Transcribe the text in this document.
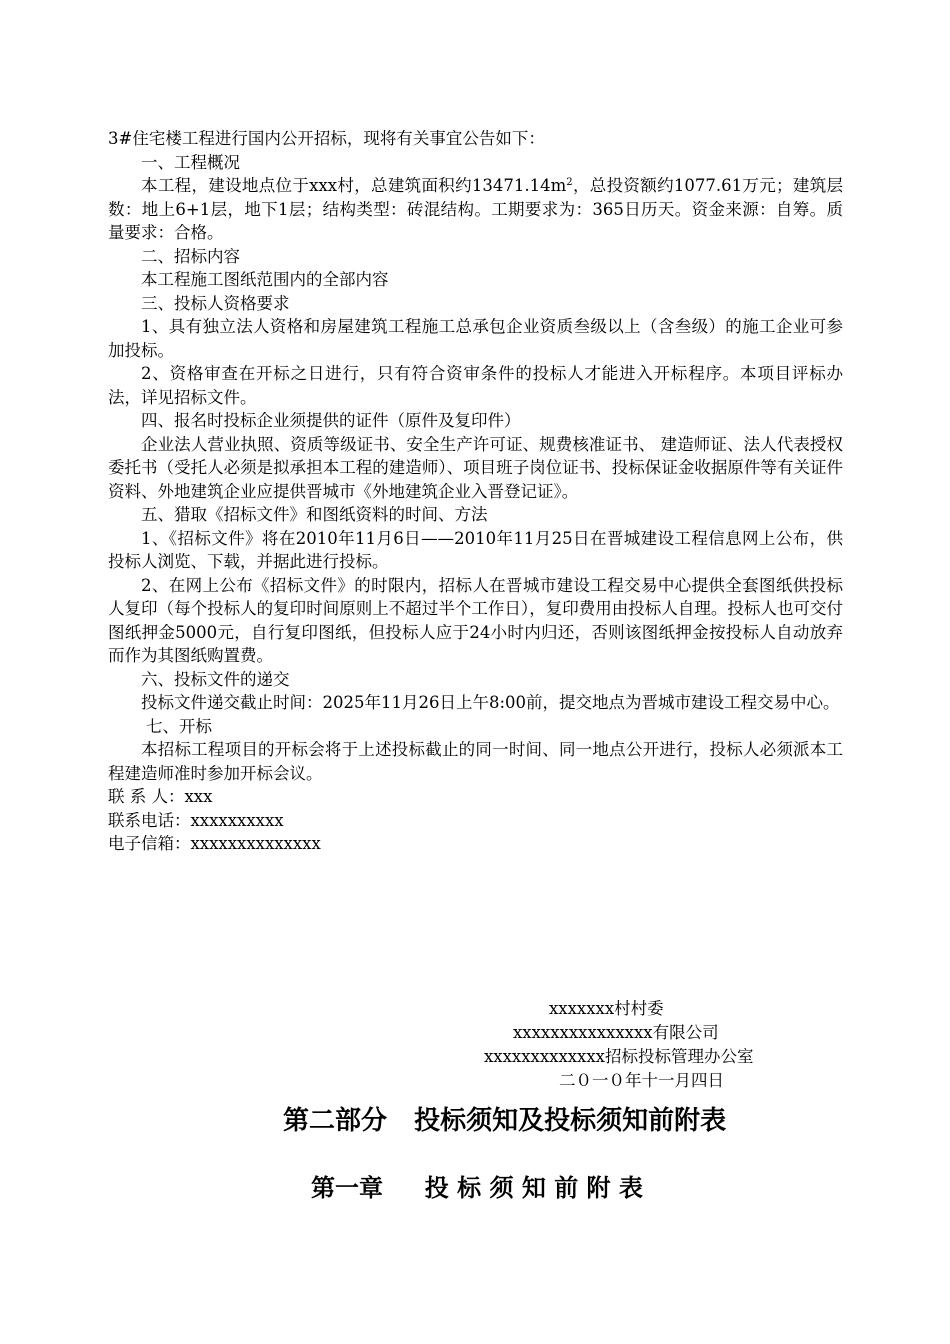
3#住宅楼工程进行国内公开招标，现将有关事宜公告如下：

一、工程概况

本工程，建设地点位于xxx村，总建筑面积约$13471.14m^2$，总投资额约1077.61万元；建筑层数：地上6+1层，地下1层；结构类型：砖混结构。工期要求为：365日历天。资金来源：自筹。质量要求：合格。

二、招标内容

本工程施工图纸范围内的全部内容

三、投标人资格要求

1、具有独立法人资格和房屋建筑工程施工总承包企业资质叁级以上（含叁级）的施工企业可参加投标。

2、资格审查在开标之日进行，只有符合资审条件的投标人才能进入开标程序。本项目评标办法，详见招标文件。

四、报名时投标企业须提供的证件（原件及复印件）

企业法人营业执照、资质等级证书、安全生产许可证、规费核准证书、 建造师证、法人代表授权委托书（受托人必须是拟承担本工程的建造师）、项目班子岗位证书、投标保证金收据原件等有关证件资料、外地建筑企业应提供晋城市《外地建筑企业入晋登记证》。

五、猎取《招标文件》和图纸资料的时间、方法

1、《招标文件》将在2010年11月6日——2010年11月25日在晋城建设工程信息网上公布，供投标人浏览、下载，并据此进行投标。

2、在网上公布《招标文件》的时限内，招标人在晋城市建设工程交易中心提供全套图纸供投标人复印（每个投标人的复印时间原则上不超过半个工作日），复印费用由投标人自理。投标人也可交付图纸押金5000元，自行复印图纸，但投标人应于24小时内归还，否则该图纸押金按投标人自动放弃而作为其图纸购置费。

六、投标文件的递交

投标文件递交截止时间：2025年11月26日上午8:00前，提交地点为晋城市建设工程交易中心。

七、开标

本招标工程项目的开标会将于上述投标截止的同一时间、同一地点公开进行，投标人必须派本工程建造师准时参加开标会议。

联 系 人：xxx

联系电话：xxxxxxxxxx

电子信箱：xxxxxxxxxxxxxx

xxxxxxx村村委
xxxxxxxxxxxxxxx有限公司
xxxxxxxxxxxxx招标投标管理办公室
二０一０年十一月四日
第二部分   投标须知及投标须知前附表
第一章     投 标 须 知 前 附 表
